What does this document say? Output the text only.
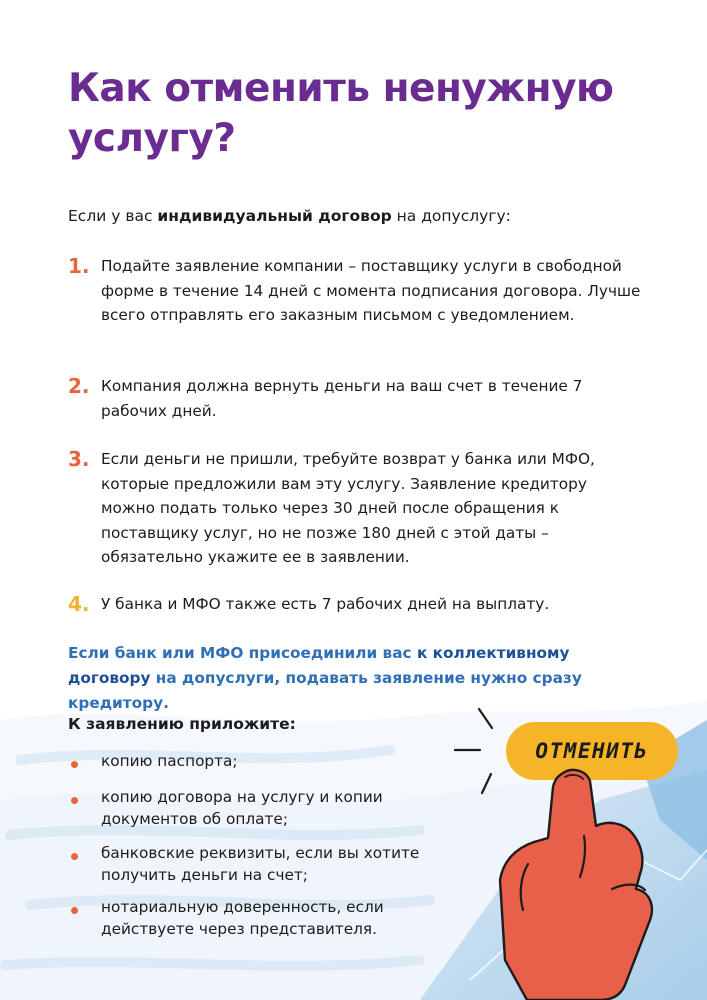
Как отменить ненужную услугу?

Если у вас индивидуальный договор на допуслугу:

1. Подайте заявление компании – поставщику услуги в свободной форме в течение 14 дней с момента подписания договора. Лучше всего отправлять его заказным письмом с уведомлением.

2. Компания должна вернуть деньги на ваш счет в течение 7 рабочих дней.

3. Если деньги не пришли, требуйте возврат у банка или МФО, которые предложили вам эту услугу. Заявление кредитору можно подать только через 30 дней после обращения к поставщику услуг, но не позже 180 дней с этой даты – обязательно укажите ее в заявлении.

4. У банка и МФО также есть 7 рабочих дней на выплату.

Если банк или МФО присоединили вас к коллективному договору на допуслуги, подавать заявление нужно сразу кредитору.

К заявлению приложите:

копию паспорта;

копию договора на услугу и копии документов об оплате;

банковские реквизиты, если вы хотите получить деньги на счет;

нотариальную доверенность, если действуете через представителя.

ОТМЕНИТЬ
